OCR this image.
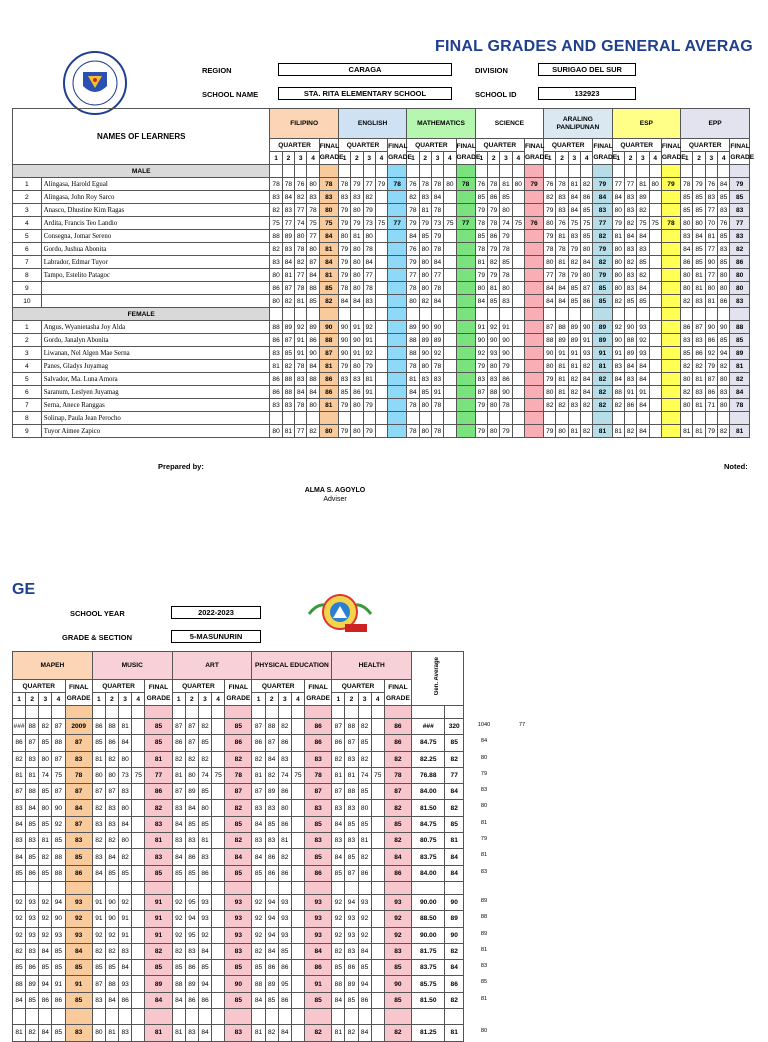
FINAL GRADES AND GENERAL AVERAG
REGION	CARAGA	DIVISION	SURIGAO DEL SUR
SCHOOL NAME	STA. RITA ELEMENTARY SCHOOL	SCHOOL ID	132923
NAMES OF LEARNERS		FILIPINO					ENGLISH					MATHEMATICS					SCIENCE					ARALING PANLIPUNAN					ESP					EPP				
		QUARTER				FINAL GRADE	QUARTER				FINAL GRADE	QUARTER				FINAL GRADE	QUARTER				FINAL GRADE	QUARTER				FINAL GRADE	QUARTER				FINAL GRADE	QUARTER				FINAL GRADE
		1	2	3	4		1	2	3	4		1	2	3	4		1	2	3	4		1	2	3	4		1	2	3	4		1	2	3	4	
MALE																																				
1	Alingasa, Harold Egual	78	78	76	80	78	78	79	77	79	78	76	78	78	80	78	76	78	81	80	79	76	78	81	82	79	77	77	81	80	79	78	79	76	84	79
2	Alingasa, John Roy Sarco	83	84	82	83	83	83	83	82			82	83	84			85	86	85			82	83	84	86	84	84	83	89			85	85	83	85	85
3	Anasco, Dhustine Kim Ragas	82	83	77	78	80	79	80	79			78	81	78			79	79	80			79	83	84	85	83	80	83	82			85	85	77	83	83
4	Ardita, Francis Teo Landio	75	77	74	75	75	79	79	73	75	77	79	79	73	75	77	78	78	74	75	76	80	76	75	75	77	79	82	75	75	78	80	80	70	76	77
5	Consegna, Jomar Sereno	88	89	80	77	84	80	81	80			84	85	79			85	86	79			79	81	83	85	82	81	84	84			83	84	81	85	83
6	Gordo, Jushua Abonita	82	83	78	80	81	79	80	78			76	80	78			78	79	78			78	78	79	80	79	80	83	83			84	85	77	83	82
7	Labrador, Edmar Tuyor	83	84	82	87	84	79	80	84			79	80	84			81	82	85			80	81	82	84	82	80	82	85			86	85	90	85	86
8	Tampo, Estelito Patagoc	80	81	77	84	81	79	80	77			77	80	77			79	79	78			77	78	79	80	79	80	83	82			80	81	77	80	80
9		86	87	78	88	85	78	80	78			78	80	78			80	81	80			84	84	85	87	85	80	83	84			80	81	80	80	80
10		80	82	81	85	82	84	84	83			80	82	84			84	85	83			84	84	85	86	85	82	85	85			82	83	81	86	83
FEMALE																																				
1	Angus, Wyanietasha Joy Alda	88	89	92	89	90	90	91	92			89	90	90			91	92	91			87	88	89	90	89	92	90	93			86	87	90	90	88
2	Gordo, Janalyn Abonita	86	87	91	86	88	90	90	91			88	89	89			90	90	90			88	89	89	91	89	90	88	92			83	83	86	85	85
3	Liwanan, Nel Algen Mae Serna	83	85	91	90	87	90	91	92			88	90	92			92	93	90			90	91	91	93	91	91	89	93			85	86	92	94	89
4	Panes, Gladys Juyamag	81	82	78	84	81	79	80	79			78	80	78			79	80	79			80	81	81	82	81	83	84	84			82	82	79	82	81
5	Salvador, Ma. Luna Amora	86	88	83	88	86	83	83	81			81	83	83			83	83	86			79	81	82	84	82	84	83	84			80	81	87	80	82
6	Saranum, Leslyen Juyamag	86	88	84	84	86	85	86	91			84	85	91			87	88	90			80	81	82	84	82	88	91	91			82	83	86	83	84
7	Serna, Anece Ranggas	83	83	78	80	81	79	80	79			78	80	78			79	80	78			82	82	83	82	82	82	86	84			80	81	71	80	78
8	Solinap, Paula Jean Perocho																																			
9	Tuyor Aimee Zapico	80	81	77	82	80	79	80	79			78	80	78			79	80	79			79	80	81	82	81	81	82	84			81	81	79	82	81
Prepared by:	Noted:
ALMA S. AGOYLO
Adviser
GE
SCHOOL YEAR	2022-2023
GRADE & SECTION	5-MASUNURIN
MAPEH					MUSIC					ART					PHYSICAL EDUCATION					HEALTH					Gen. Average	
QUARTER				FINAL GRADE	QUARTER				FINAL GRADE	QUARTER				FINAL GRADE	QUARTER				FINAL GRADE	QUARTER				FINAL GRADE		
1	2	3	4		1	2	3	4		1	2	3	4		1	2	3	4		1	2	3	4			

###	88	82	87	2009	86	88	81		85	87	87	82		85	87	88	82		86	87	88	82		86	###	320
86	87	85	88	87	85	86	84		85	86	87	85		86	86	87	86		86	86	87	85		86	84.75	85
82	83	80	87	83	81	82	80		81	82	82	82		82	82	84	83		83	82	83	82		82	82.25	82
81	81	74	75	78	80	80	73	75	77	81	80	74	75	78	81	82	74	75	78	81	81	74	75	78	76.88	77
87	88	85	87	87	87	87	83		86	87	89	85		87	87	89	86		87	87	88	85		87	84.00	84
83	84	80	90	84	82	83	80		82	83	84	80		82	83	83	80		83	83	83	80		82	81.50	82
84	85	85	92	87	83	83	84		83	84	85	85		85	84	85	86		85	84	85	85		85	84.75	85
83	83	81	85	83	82	82	80		81	83	83	81		82	83	83	81		83	83	83	81		82	80.75	81
84	85	82	88	85	83	84	82		83	84	86	83		84	84	86	82		85	84	85	82		84	83.75	84
85	86	85	88	86	84	85	85		85	85	85	86		85	85	86	86		86	85	87	86		86	84.00	84

92	93	92	94	93	91	90	92		91	92	95	93		93	92	94	93		93	92	94	93		93	90.00	90
92	93	92	90	92	91	90	91		91	92	94	93		93	92	94	93		93	92	93	92		92	88.50	89
92	93	92	93	93	92	92	91		91	92	95	92		93	92	94	93		93	92	93	92		92	90.00	90
82	83	84	85	84	82	82	83		82	82	83	84		83	82	84	85		84	82	83	84		83	81.75	82
85	86	85	85	85	85	85	84		85	85	86	85		85	85	86	86		86	85	86	85		85	83.75	84
88	89	94	91	91	87	88	93		89	88	89	94		90	88	89	95		91	88	89	94		90	85.75	86
84	85	86	86	85	83	84	86		84	84	86	86		85	84	85	86		85	84	85	86		85	81.50	82

81	82	84	85	83	80	81	83		81	81	83	84		83	81	82	84		82	81	82	84		82	81.25	81
1040	77
84
80
79
83
80
81
79
81
83
89
88
89
81
83
85
81
80
